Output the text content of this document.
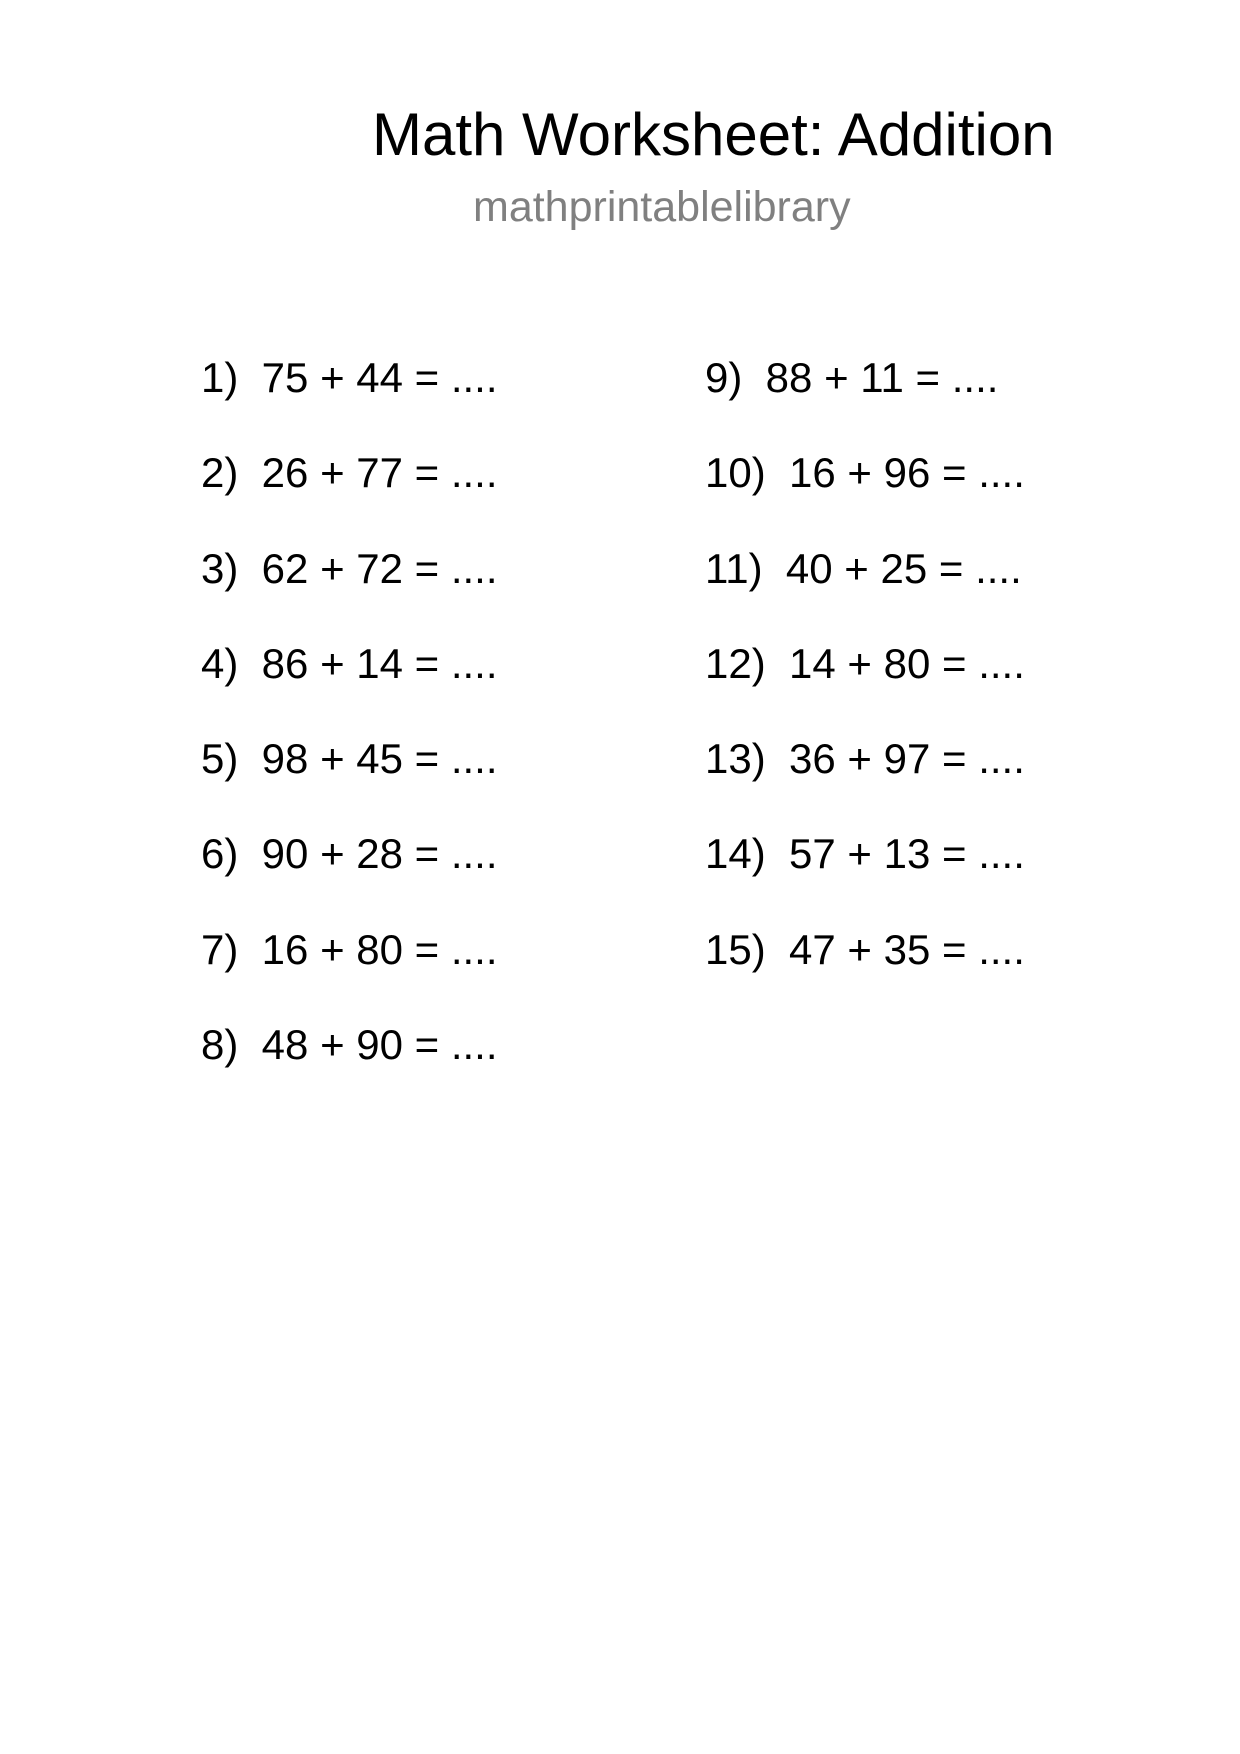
Math Worksheet: Addition
mathprintablelibrary
1)  75 + 44 = ....
2)  26 + 77 = ....
3)  62 + 72 = ....
4)  86 + 14 = ....
5)  98 + 45 = ....
6)  90 + 28 = ....
7)  16 + 80 = ....
8)  48 + 90 = ....
9)  88 + 11 = ....
10)  16 + 96 = ....
11)  40 + 25 = ....
12)  14 + 80 = ....
13)  36 + 97 = ....
14)  57 + 13 = ....
15)  47 + 35 = ....
